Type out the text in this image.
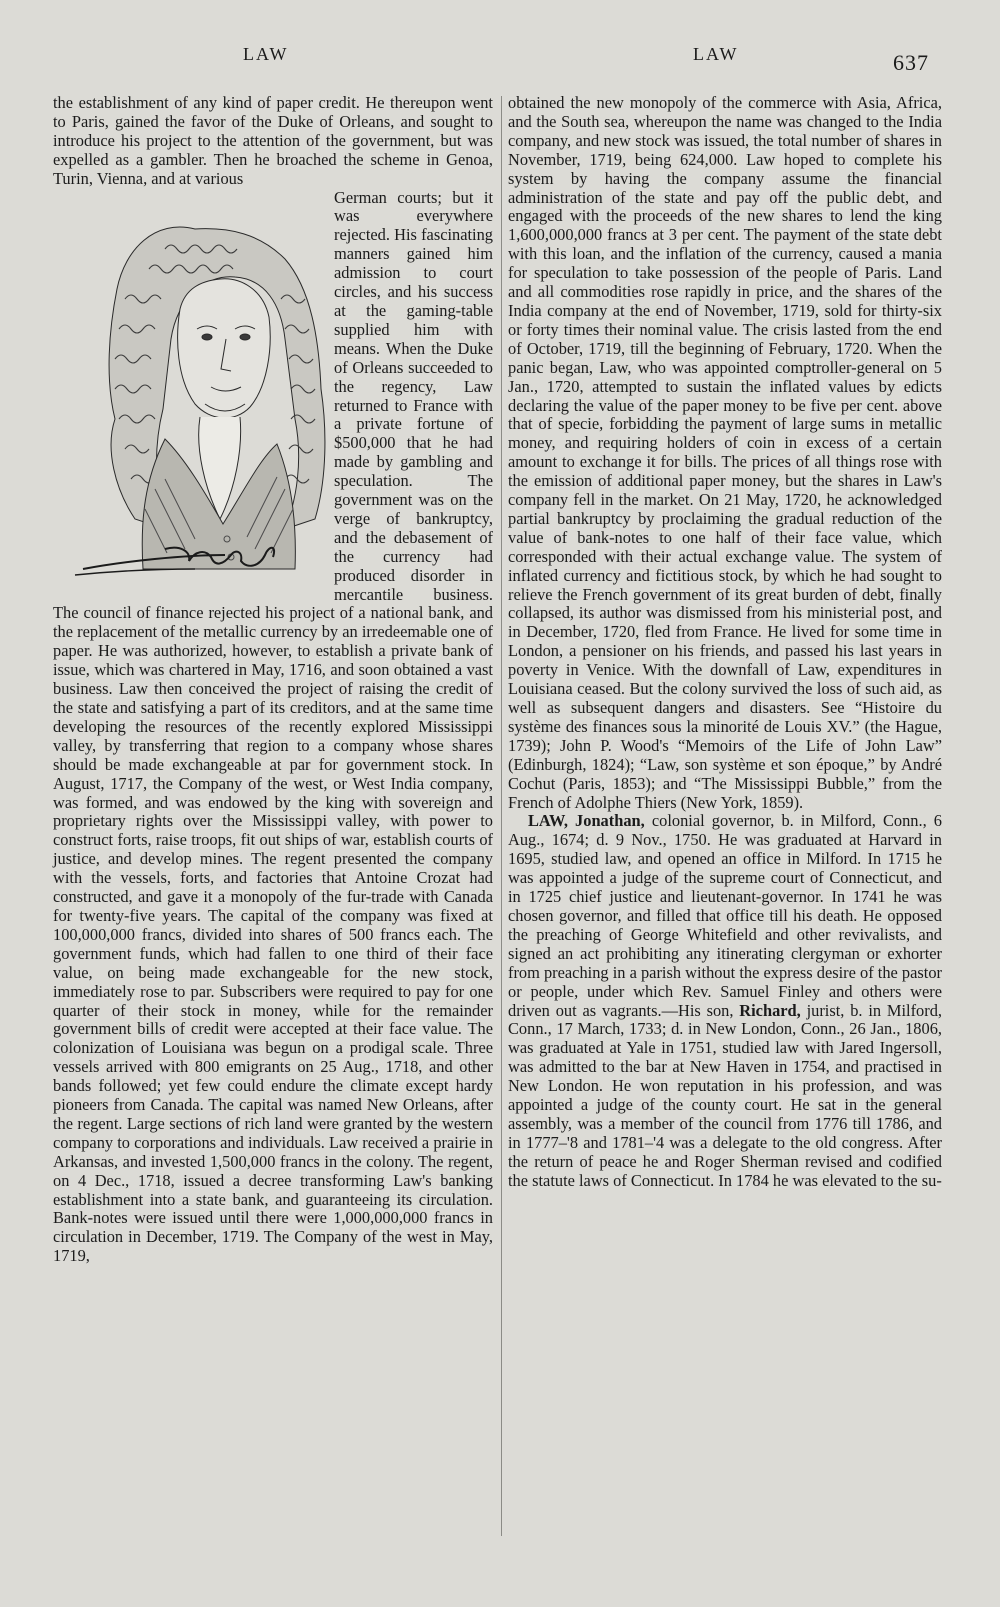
LAW	LAW	637

the establishment of any kind of paper credit. He thereupon went to Paris, gained the favor of the Duke of Orleans, and sought to introduce his project to the attention of the government, but was expelled as a gambler. Then he broached the scheme in Genoa, Turin, Vienna, and at various

German courts; but it was everywhere rejected. His fascinating manners gained him admission to court circles, and his success at the gaming-table supplied him with means. When the Duke of Orleans succeeded to the regency, Law returned to France with a private fortune of $500,000 that he had made by gambling and speculation. The government was on the verge of bankruptcy, and the debasement of the currency had produced disorder in mercantile business. The council of finance rejected his project of a national bank, and the replacement of the metallic currency by an irredeemable one of paper. He was authorized, however, to establish a private bank of issue, which was chartered in May, 1716, and soon obtained a vast business. Law then conceived the project of raising the credit of the state and satisfying a part of its creditors, and at the same time developing the resources of the recently explored Mississippi valley, by transferring that region to a company whose shares should be made exchangeable at par for government stock. In August, 1717, the Company of the west, or West India company, was formed, and was endowed by the king with sovereign and proprietary rights over the Mississippi valley, with power to construct forts, raise troops, fit out ships of war, establish courts of justice, and develop mines. The regent presented the company with the vessels, forts, and factories that Antoine Crozat had constructed, and gave it a monopoly of the fur-trade with Canada for twenty-five years. The capital of the company was fixed at 100,000,000 francs, divided into shares of 500 francs each. The government funds, which had fallen to one third of their face value, on being made exchangeable for the new stock, immediately rose to par. Subscribers were required to pay for one quarter of their stock in money, while for the remainder government bills of credit were accepted at their face value. The colonization of Louisiana was begun on a prodigal scale. Three vessels arrived with 800 emigrants on 25 Aug., 1718, and other bands followed; yet few could endure the climate except hardy pioneers from Canada. The capital was named New Orleans, after the regent. Large sections of rich land were granted by the western company to corporations and individuals. Law received a prairie in Arkansas, and invested 1,500,000 francs in the colony. The regent, on 4 Dec., 1718, issued a decree transforming Law's banking establishment into a state bank, and guaranteeing its circulation. Bank-notes were issued until there were 1,000,000,000 francs in circulation in December, 1719. The Company of the west in May, 1719,

obtained the new monopoly of the commerce with Asia, Africa, and the South sea, whereupon the name was changed to the India company, and new stock was issued, the total number of shares in November, 1719, being 624,000. Law hoped to complete his system by having the company assume the financial administration of the state and pay off the public debt, and engaged with the proceeds of the new shares to lend the king 1,600,000,000 francs at 3 per cent. The payment of the state debt with this loan, and the inflation of the currency, caused a mania for speculation to take possession of the people of Paris. Land and all commodities rose rapidly in price, and the shares of the India company at the end of November, 1719, sold for thirty-six or forty times their nominal value. The crisis lasted from the end of October, 1719, till the beginning of February, 1720. When the panic began, Law, who was appointed comptroller-general on 5 Jan., 1720, attempted to sustain the inflated values by edicts declaring the value of the paper money to be five per cent. above that of specie, forbidding the payment of large sums in metallic money, and requiring holders of coin in excess of a certain amount to exchange it for bills. The prices of all things rose with the emission of additional paper money, but the shares in Law's company fell in the market. On 21 May, 1720, he acknowledged partial bankruptcy by proclaiming the gradual reduction of the value of bank-notes to one half of their face value, which corresponded with their actual exchange value. The system of inflated currency and fictitious stock, by which he had sought to relieve the French government of its great burden of debt, finally collapsed, its author was dismissed from his ministerial post, and in December, 1720, fled from France. He lived for some time in London, a pensioner on his friends, and passed his last years in poverty in Venice. With the downfall of Law, expenditures in Louisiana ceased. But the colony survived the loss of such aid, as well as subsequent dangers and disasters. See “Histoire du système des finances sous la minorité de Louis XV.” (the Hague, 1739); John P. Wood's “Memoirs of the Life of John Law” (Edinburgh, 1824); “Law, son système et son époque,” by André Cochut (Paris, 1853); and “The Mississippi Bubble,” from the French of Adolphe Thiers (New York, 1859).

LAW, Jonathan, colonial governor, b. in Milford, Conn., 6 Aug., 1674; d. 9 Nov., 1750. He was graduated at Harvard in 1695, studied law, and opened an office in Milford. In 1715 he was appointed a judge of the supreme court of Connecticut, and in 1725 chief justice and lieutenant-governor. In 1741 he was chosen governor, and filled that office till his death. He opposed the preaching of George Whitefield and other revivalists, and signed an act prohibiting any itinerating clergyman or exhorter from preaching in a parish without the express desire of the pastor or people, under which Rev. Samuel Finley and others were driven out as vagrants.—His son, Richard, jurist, b. in Milford, Conn., 17 March, 1733; d. in New London, Conn., 26 Jan., 1806, was graduated at Yale in 1751, studied law with Jared Ingersoll, was admitted to the bar at New Haven in 1754, and practised in New London. He won reputation in his profession, and was appointed a judge of the county court. He sat in the general assembly, was a member of the council from 1776 till 1786, and in 1777–'8 and 1781–'4 was a delegate to the old congress. After the return of peace he and Roger Sherman revised and codified the statute laws of Connecticut. In 1784 he was elevated to the su-
